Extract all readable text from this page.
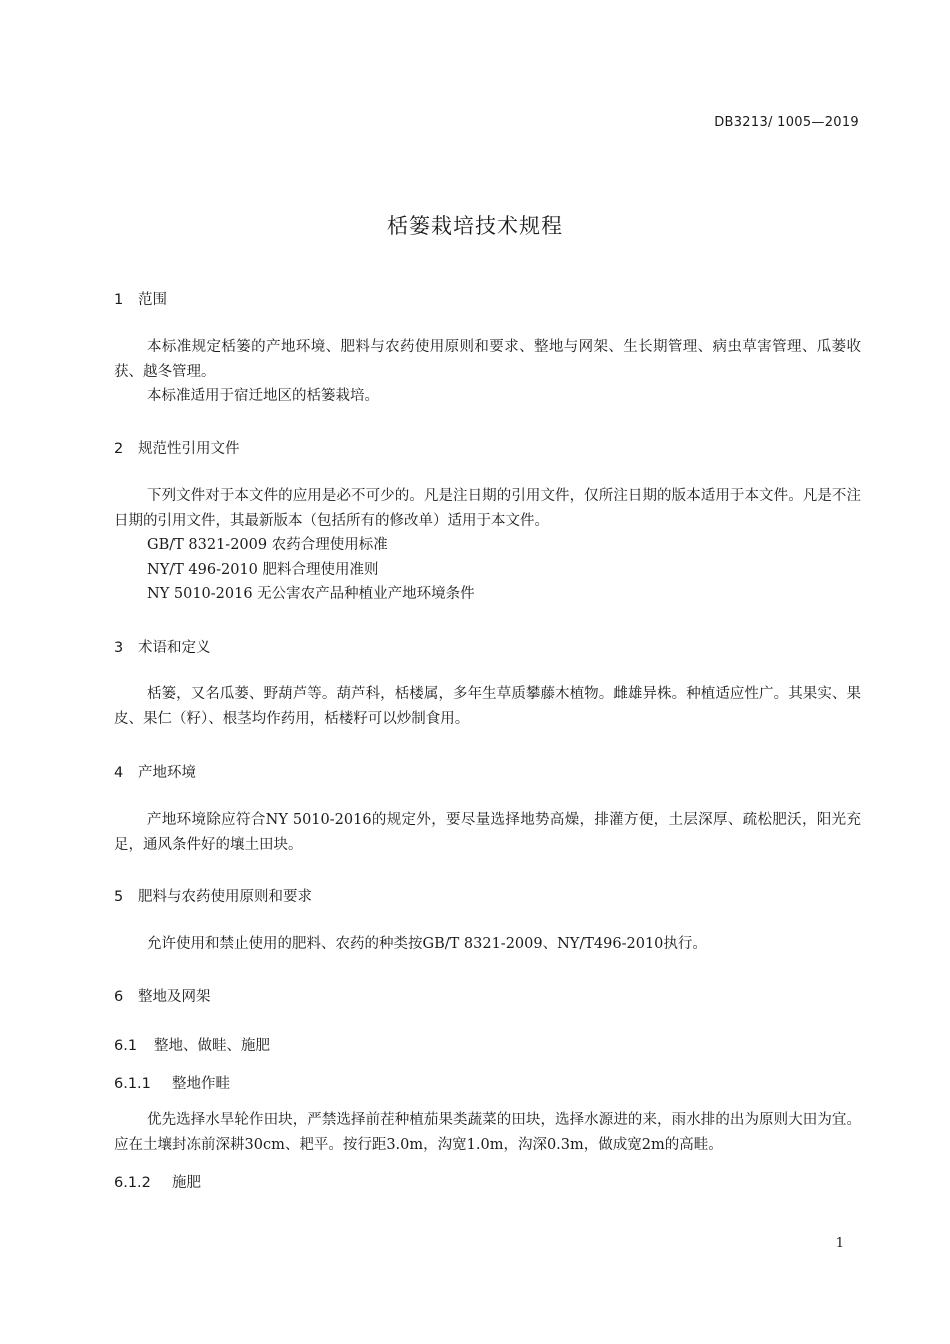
DB3213/ 1005—2019
栝篓栽培技术规程
1 范围
本标准规定栝篓的产地环境、肥料与农药使用原则和要求、整地与网架、生长期管理、病虫草害管理、瓜蒌收获、越冬管理。
本标准适用于宿迁地区的栝篓栽培。
2 规范性引用文件
下列文件对于本文件的应用是必不可少的。凡是注日期的引用文件，仅所注日期的版本适用于本文件。凡是不注日期的引用文件，其最新版本（包括所有的修改单）适用于本文件。
GB/T 8321-2009 农药合理使用标准
NY/T 496-2010 肥料合理使用准则
NY 5010-2016 无公害农产品种植业产地环境条件
3 术语和定义
栝篓，又名瓜蒌、野葫芦等。葫芦科，栝楼属，多年生草质攀藤木植物。雌雄异株。种植适应性广。其果实、果皮、果仁（籽）、根茎均作药用，栝楼籽可以炒制食用。
4 产地环境
产地环境除应符合NY 5010-2016的规定外，要尽量选择地势高燥，排灌方便，土层深厚、疏松肥沃，阳光充足，通风条件好的壤土田块。
5 肥料与农药使用原则和要求
允许使用和禁止使用的肥料、农药的种类按GB/T 8321-2009、NY/T496-2010执行。
6 整地及网架
6.1 整地、做畦、施肥
6.1.1 整地作畦
优先选择水旱轮作田块，严禁选择前茬种植茄果类蔬菜的田块，选择水源进的来，雨水排的出为原则大田为宜。应在土壤封冻前深耕30cm、耙平。按行距3.0m，沟宽1.0m，沟深0.3m，做成宽2m的高畦。
6.1.2 施肥
1
